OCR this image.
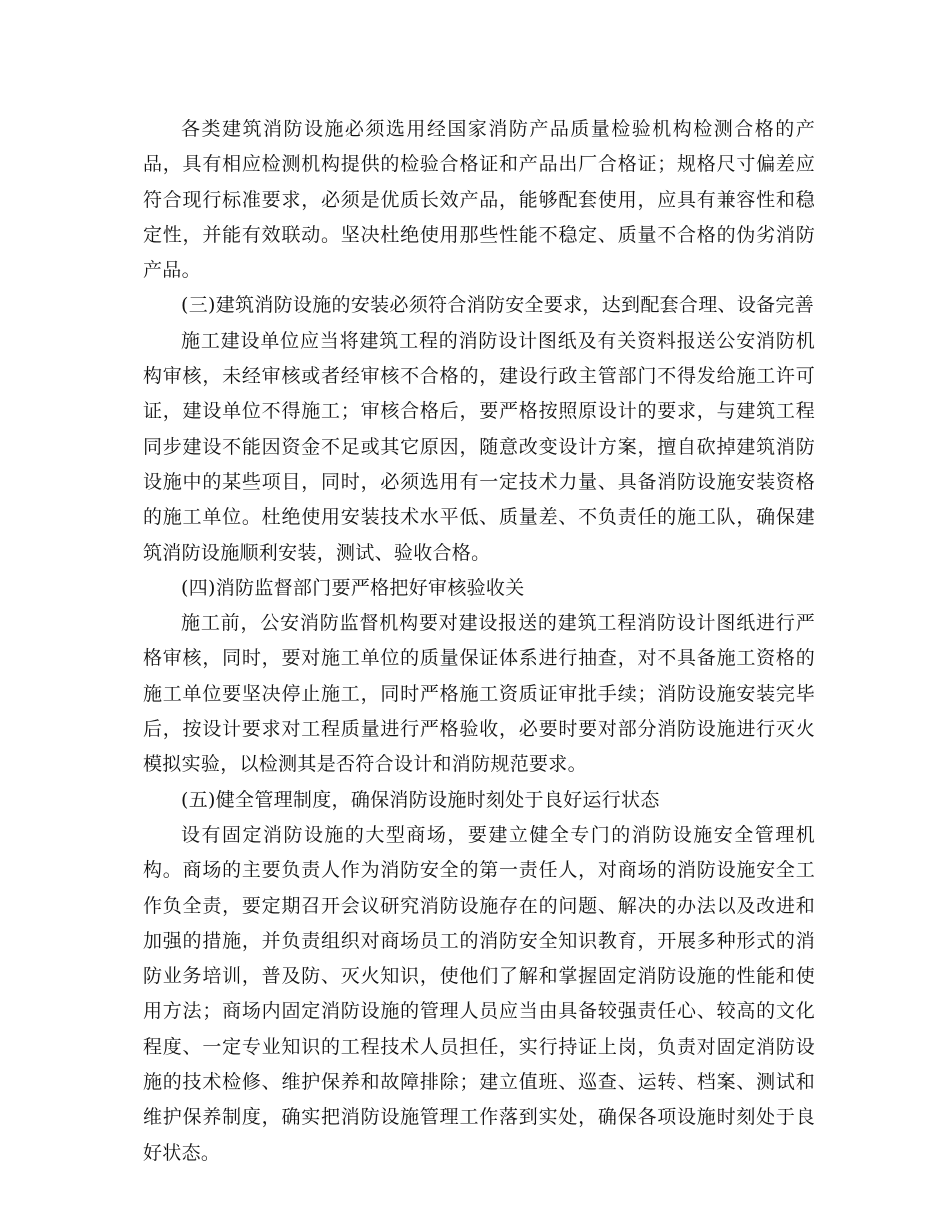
各类建筑消防设施必须选用经国家消防产品质量检验机构检测合格的产品，具有相应检测机构提供的检验合格证和产品出厂合格证；规格尺寸偏差应符合现行标准要求，必须是优质长效产品，能够配套使用，应具有兼容性和稳定性，并能有效联动。坚决杜绝使用那些性能不稳定、质量不合格的伪劣消防产品。

(三)建筑消防设施的安装必须符合消防安全要求，达到配套合理、设备完善

施工建设单位应当将建筑工程的消防设计图纸及有关资料报送公安消防机构审核，未经审核或者经审核不合格的，建设行政主管部门不得发给施工许可证，建设单位不得施工；审核合格后，要严格按照原设计的要求，与建筑工程同步建设不能因资金不足或其它原因，随意改变设计方案，擅自砍掉建筑消防设施中的某些项目，同时，必须选用有一定技术力量、具备消防设施安装资格的施工单位。杜绝使用安装技术水平低、质量差、不负责任的施工队，确保建筑消防设施顺利安装，测试、验收合格。

(四)消防监督部门要严格把好审核验收关

施工前，公安消防监督机构要对建设报送的建筑工程消防设计图纸进行严格审核，同时，要对施工单位的质量保证体系进行抽查，对不具备施工资格的施工单位要坚决停止施工，同时严格施工资质证审批手续；消防设施安装完毕后，按设计要求对工程质量进行严格验收，必要时要对部分消防设施进行灭火模拟实验，以检测其是否符合设计和消防规范要求。

(五)健全管理制度，确保消防设施时刻处于良好运行状态

设有固定消防设施的大型商场，要建立健全专门的消防设施安全管理机构。商场的主要负责人作为消防安全的第一责任人，对商场的消防设施安全工作负全责，要定期召开会议研究消防设施存在的问题、解决的办法以及改进和加强的措施，并负责组织对商场员工的消防安全知识教育，开展多种形式的消防业务培训，普及防、灭火知识，使他们了解和掌握固定消防设施的性能和使用方法；商场内固定消防设施的管理人员应当由具备较强责任心、较高的文化程度、一定专业知识的工程技术人员担任，实行持证上岗，负责对固定消防设施的技术检修、维护保养和故障排除；建立值班、巡查、运转、档案、测试和维护保养制度，确实把消防设施管理工作落到实处，确保各项设施时刻处于良好状态。
